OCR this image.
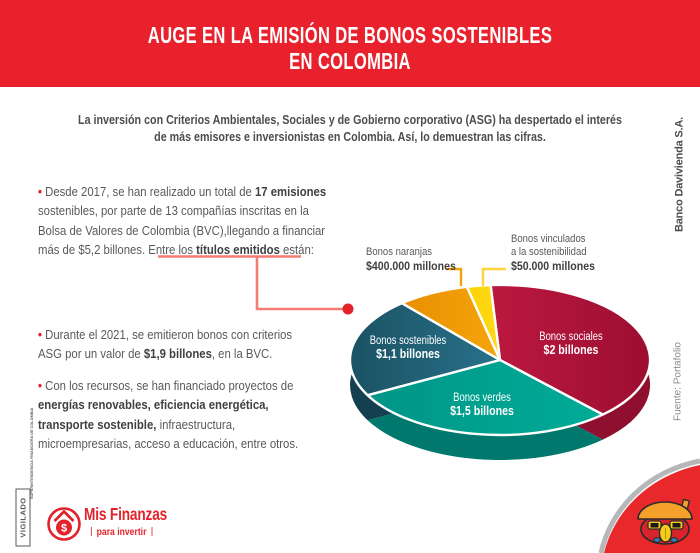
AUGE EN LA EMISIÓN DE BONOS SOSTENIBLES
EN COLOMBIA
La inversión con Criterios Ambientales, Sociales y de Gobierno corporativo (ASG) ha despertado el interés
de más emisores e inversionistas en Colombia. Así, lo demuestran las cifras.
• Desde 2017, se han realizado un total de 17 emisiones
sostenibles, por parte de 13 compañías inscritas en la
Bolsa de Valores de Colombia (BVC),llegando a financiar
más de $5,2 billones. Entre los títulos emitidos están:
• Durante el 2021, se emitieron bonos con criterios
ASG por un valor de $1,9 billones, en la BVC.
• Con los recursos, se han financiado proyectos de
energías renovables, eficiencia energética,
transporte sostenible, infraestructura,
microempresarias, acceso a educación, entre otros.
Bonos sociales
$2 billones
Bonos verdes
$1,5 billones
Bonos sostenibles
$1,1 billones
Bonos naranjas
$400.000 millones
Bonos vinculados
a la sostenibilidad
$50.000 millones
Banco Davivienda S.A.
Fuente: Portafolio
VIGILADO
SUPERINTENDENCIA FINANCIERA DE COLOMBIA
$
Mis Finanzas
para invertir
